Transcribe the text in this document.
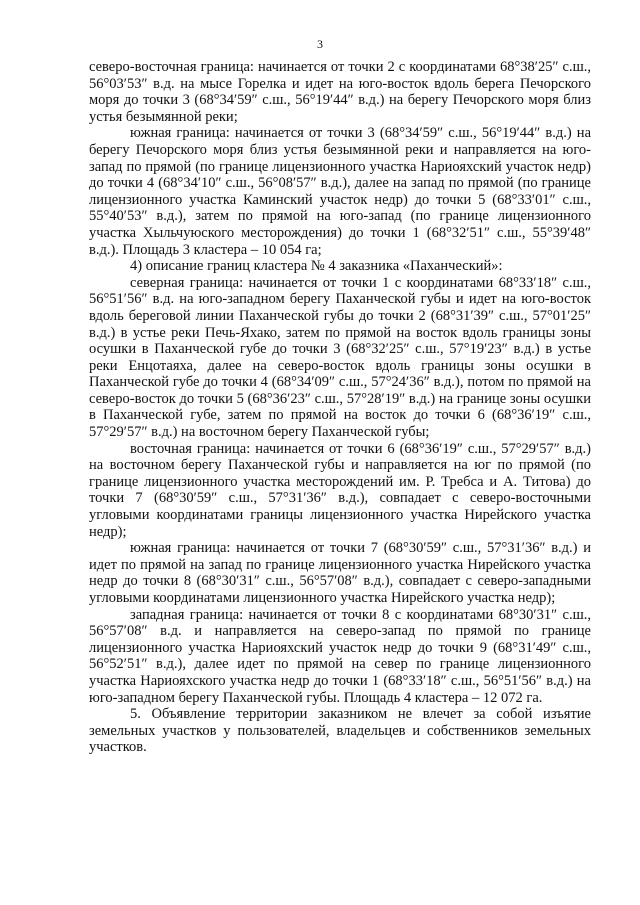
3

северо-восточная граница: начинается от точки 2 с координатами 68°38′25″ с.ш., 56°03′53″ в.д. на мысе Горелка и идет на юго-восток вдоль берега Печорского моря до точки 3 (68°34′59″ с.ш., 56°19′44″ в.д.) на берегу Печорского моря близ устья безымянной реки;

южная граница: начинается от точки 3 (68°34′59″ с.ш., 56°19′44″ в.д.) на берегу Печорского моря близ устья безымянной реки и направляется на юго-запад по прямой (по границе лицензионного участка Нариояхский участок недр) до точки 4 (68°34′10″ с.ш., 56°08′57″ в.д.), далее на запад по прямой (по границе лицензионного участка Каминский участок недр) до точки 5 (68°33′01″ с.ш., 55°40′53″ в.д.), затем по прямой на юго-запад (по границе лицензионного участка Хыльчуюского месторождения) до точки 1 (68°32′51″ с.ш., 55°39′48″ в.д.). Площадь 3 кластера – 10 054 га;

4) описание границ кластера № 4 заказника «Паханческий»:

северная граница: начинается от точки 1 с координатами 68°33′18″ с.ш., 56°51′56″ в.д. на юго-западном берегу Паханческой губы и идет на юго-восток вдоль береговой линии Паханческой губы до точки 2 (68°31′39″ с.ш., 57°01′25″ в.д.) в устье реки Печь-Яхако, затем по прямой на восток вдоль границы зоны осушки в Паханческой губе до точки 3 (68°32′25″ с.ш., 57°19′23″ в.д.) в устье реки Енцотаяха, далее на северо-восток вдоль границы зоны осушки в Паханческой губе до точки 4 (68°34′09″ с.ш., 57°24′36″ в.д.), потом по прямой на северо-восток до точки 5 (68°36′23″ с.ш., 57°28′19″ в.д.) на границе зоны осушки в Паханческой губе, затем по прямой на восток до точки 6 (68°36′19″ с.ш., 57°29′57″ в.д.) на восточном берегу Паханческой губы;

восточная граница: начинается от точки 6 (68°36′19″ с.ш., 57°29′57″ в.д.) на восточном берегу Паханческой губы и направляется на юг по прямой (по границе лицензионного участка месторождений им. Р. Требса и А. Титова) до точки 7 (68°30′59″ с.ш., 57°31′36″ в.д.), совпадает с северо-восточными угловыми координатами границы лицензионного участка Нирейского участка недр);

южная граница: начинается от точки 7 (68°30′59″ с.ш., 57°31′36″ в.д.) и идет по прямой на запад по границе лицензионного участка Нирейского участка недр до точки 8 (68°30′31″ с.ш., 56°57′08″ в.д.), совпадает с северо-западными угловыми координатами лицензионного участка Нирейского участка недр);

западная граница: начинается от точки 8 с координатами 68°30′31″ с.ш., 56°57′08″ в.д. и направляется на северо-запад по прямой по границе лицензионного участка Нариояхский участок недр до точки 9 (68°31′49″ с.ш., 56°52′51″ в.д.), далее идет по прямой на север по границе лицензионного участка Нариояхского участка недр до точки 1 (68°33′18″ с.ш., 56°51′56″ в.д.) на юго-западном берегу Паханческой губы. Площадь 4 кластера – 12 072 га.

5. Объявление территории заказником не влечет за собой изъятие земельных участков у пользователей, владельцев и собственников земельных участков.
